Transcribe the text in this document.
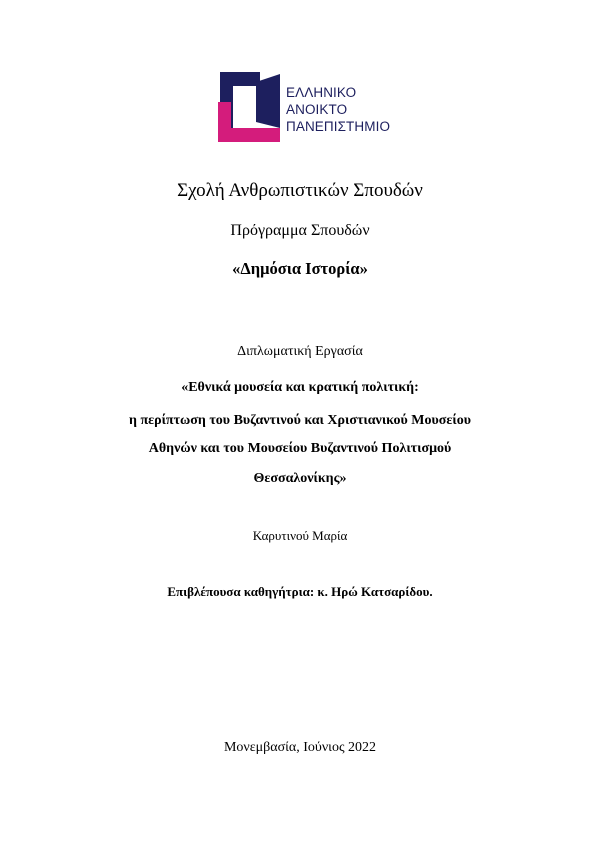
ΕΛΛΗΝΙΚΟ
ΑΝΟΙΚΤΟ
ΠΑΝΕΠΙΣΤΗΜΙΟ
Σχολή Ανθρωπιστικών Σπουδών
Πρόγραμμα Σπουδών
«Δημόσια Ιστορία»
Διπλωματική Εργασία
«Εθνικά μουσεία και κρατική πολιτική:
η περίπτωση του Βυζαντινού και Χριστιανικού Μουσείου
Αθηνών και του Μουσείου Βυζαντινού Πολιτισμού
Θεσσαλονίκης»
Καρυτινού Μαρία
Επιβλέπουσα καθηγήτρια: κ. Ηρώ Κατσαρίδου.
Μονεμβασία, Ιούνιος 2022
